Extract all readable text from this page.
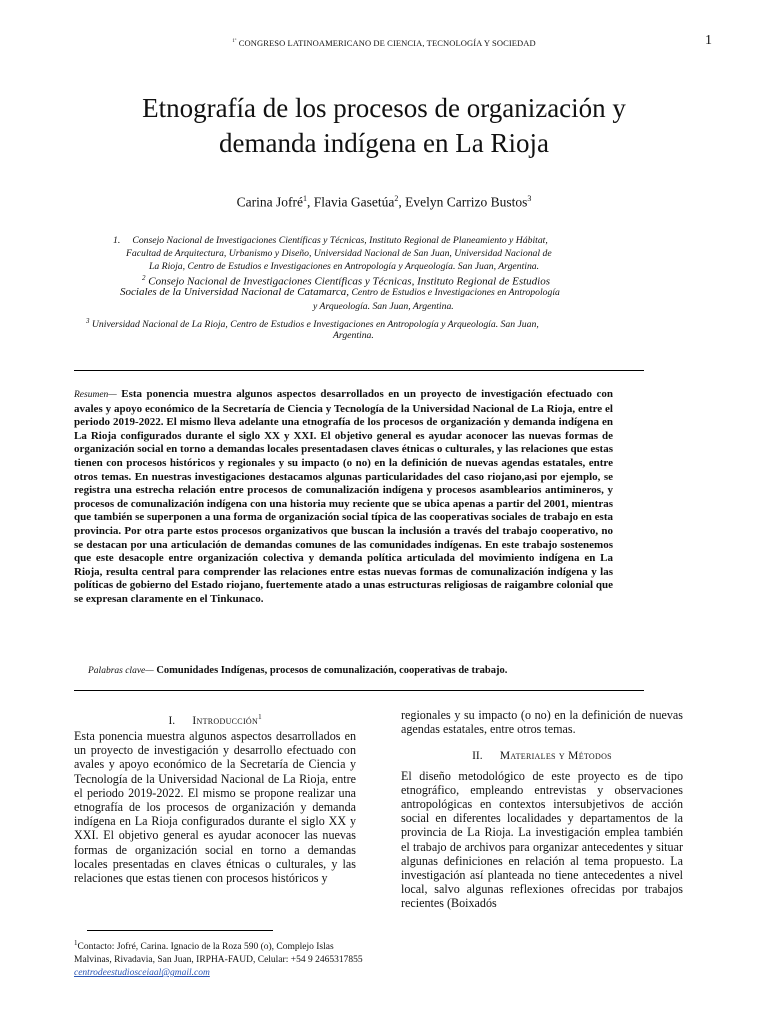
$^{1º}$ CONGRESO LATINOAMERICANO DE CIENCIA, TECNOLOGÍA Y SOCIEDAD	1
Etnografía de los procesos de organización y
demanda indígena en La Rioja
Carina Jofré$^1$, Flavia Gasetúa$^2$, Evelyn Carrizo Bustos$^3$
1. Consejo Nacional de Investigaciones Científicas y Técnicas, Instituto Regional de Planeamiento y Hábitat,
Facultad de Arquitectura, Urbanismo y Diseño, Universidad Nacional de San Juan, Universidad Nacional de
La Rioja, Centro de Estudios e Investigaciones en Antropología y Arqueología. San Juan, Argentina.
$^2$ Consejo Nacional de Investigaciones Científicas y Técnicas, Instituto Regional de Estudios
Sociales de la Universidad Nacional de Catamarca, Centro de Estudios e Investigaciones en Antropología
y Arqueología. San Juan, Argentina.
$^3$ Universidad Nacional de La Rioja, Centro de Estudios e Investigaciones en Antropología y Arqueología. San Juan,
Argentina.
Resumen— Esta ponencia muestra algunos aspectos desarrollados en un proyecto de investigación efectuado con avales y apoyo económico de la Secretaría de Ciencia y Tecnología de la Universidad Nacional de La Rioja, entre el periodo 2019-2022. El mismo lleva adelante una etnografía de los procesos de organización y demanda indígena en La Rioja configurados durante el siglo XX y XXI. El objetivo general es ayudar aconocer las nuevas formas de organización social en torno a demandas locales presentadasen claves étnicas o culturales, y las relaciones que estas tienen con procesos históricos y regionales y su impacto (o no) en la definición de nuevas agendas estatales, entre otros temas. En nuestras investigaciones destacamos algunas particularidades del caso riojano,asi por ejemplo, se registra una estrecha relación entre procesos de comunalización indígena y procesos asamblearios antimineros, y procesos de comunalización indígena con una historia muy reciente que se ubica apenas a partir del 2001, mientras que también se superponen a una forma de organización social típica de las cooperativas sociales de trabajo en esta provincia. Por otra parte estos procesos organizativos que buscan la inclusión a través del trabajo cooperativo, no se destacan por una articulación de demandas comunes de las comunidades indígenas. En este trabajo sostenemos que este desacople entre organización colectiva y demanda política articulada del movimiento indígena en La Rioja, resulta central para comprender las relaciones entre estas nuevas formas de comunalización indígena y las políticas de gobierno del Estado riojano, fuertemente atado a unas estructuras religiosas de raigambre colonial que se expresan claramente en el Tinkunaco.
Palabras clave— Comunidades Indígenas, procesos de comunalización, cooperativas de trabajo.

I. Introducción$^1$

Esta ponencia muestra algunos aspectos desarrollados en un proyecto de investigación y desarrollo efectuado con avales y apoyo económico de la Secretaría de Ciencia y Tecnología de la Universidad Nacional de La Rioja, entre el periodo 2019-2022. El mismo se propone realizar una etnografía de los procesos de organización y demanda indígena en La Rioja configurados durante el siglo XX y XXI. El objetivo general es ayudar aconocer las nuevas formas de organización social en torno a demandas locales presentadas en claves étnicas o culturales, y las relaciones que estas tienen con procesos históricos y
regionales y su impacto (o no) en la definición de nuevas agendas estatales, entre otros temas.

II. Materiales y Métodos

El diseño metodológico de este proyecto es de tipo etnográfico, empleando entrevistas y observaciones antropológicas en contextos intersubjetivos de acción social en diferentes localidades y departamentos de la provincia de La Rioja. La investigación emplea también el trabajo de archivos para organizar antecedentes y situar algunas definiciones en relación al tema propuesto. La investigación así planteada no tiene antecedentes a nivel local, salvo algunas reflexiones ofrecidas por trabajos recientes (Boixadós
$^1$Contacto: Jofré, Carina. Ignacio de la Roza 590 (o), Complejo Islas Malvinas, Rivadavia, San Juan, IRPHA-FAUD, Celular: +54 9 2465317855 centrodeestudiosceiaal@gmail.com
